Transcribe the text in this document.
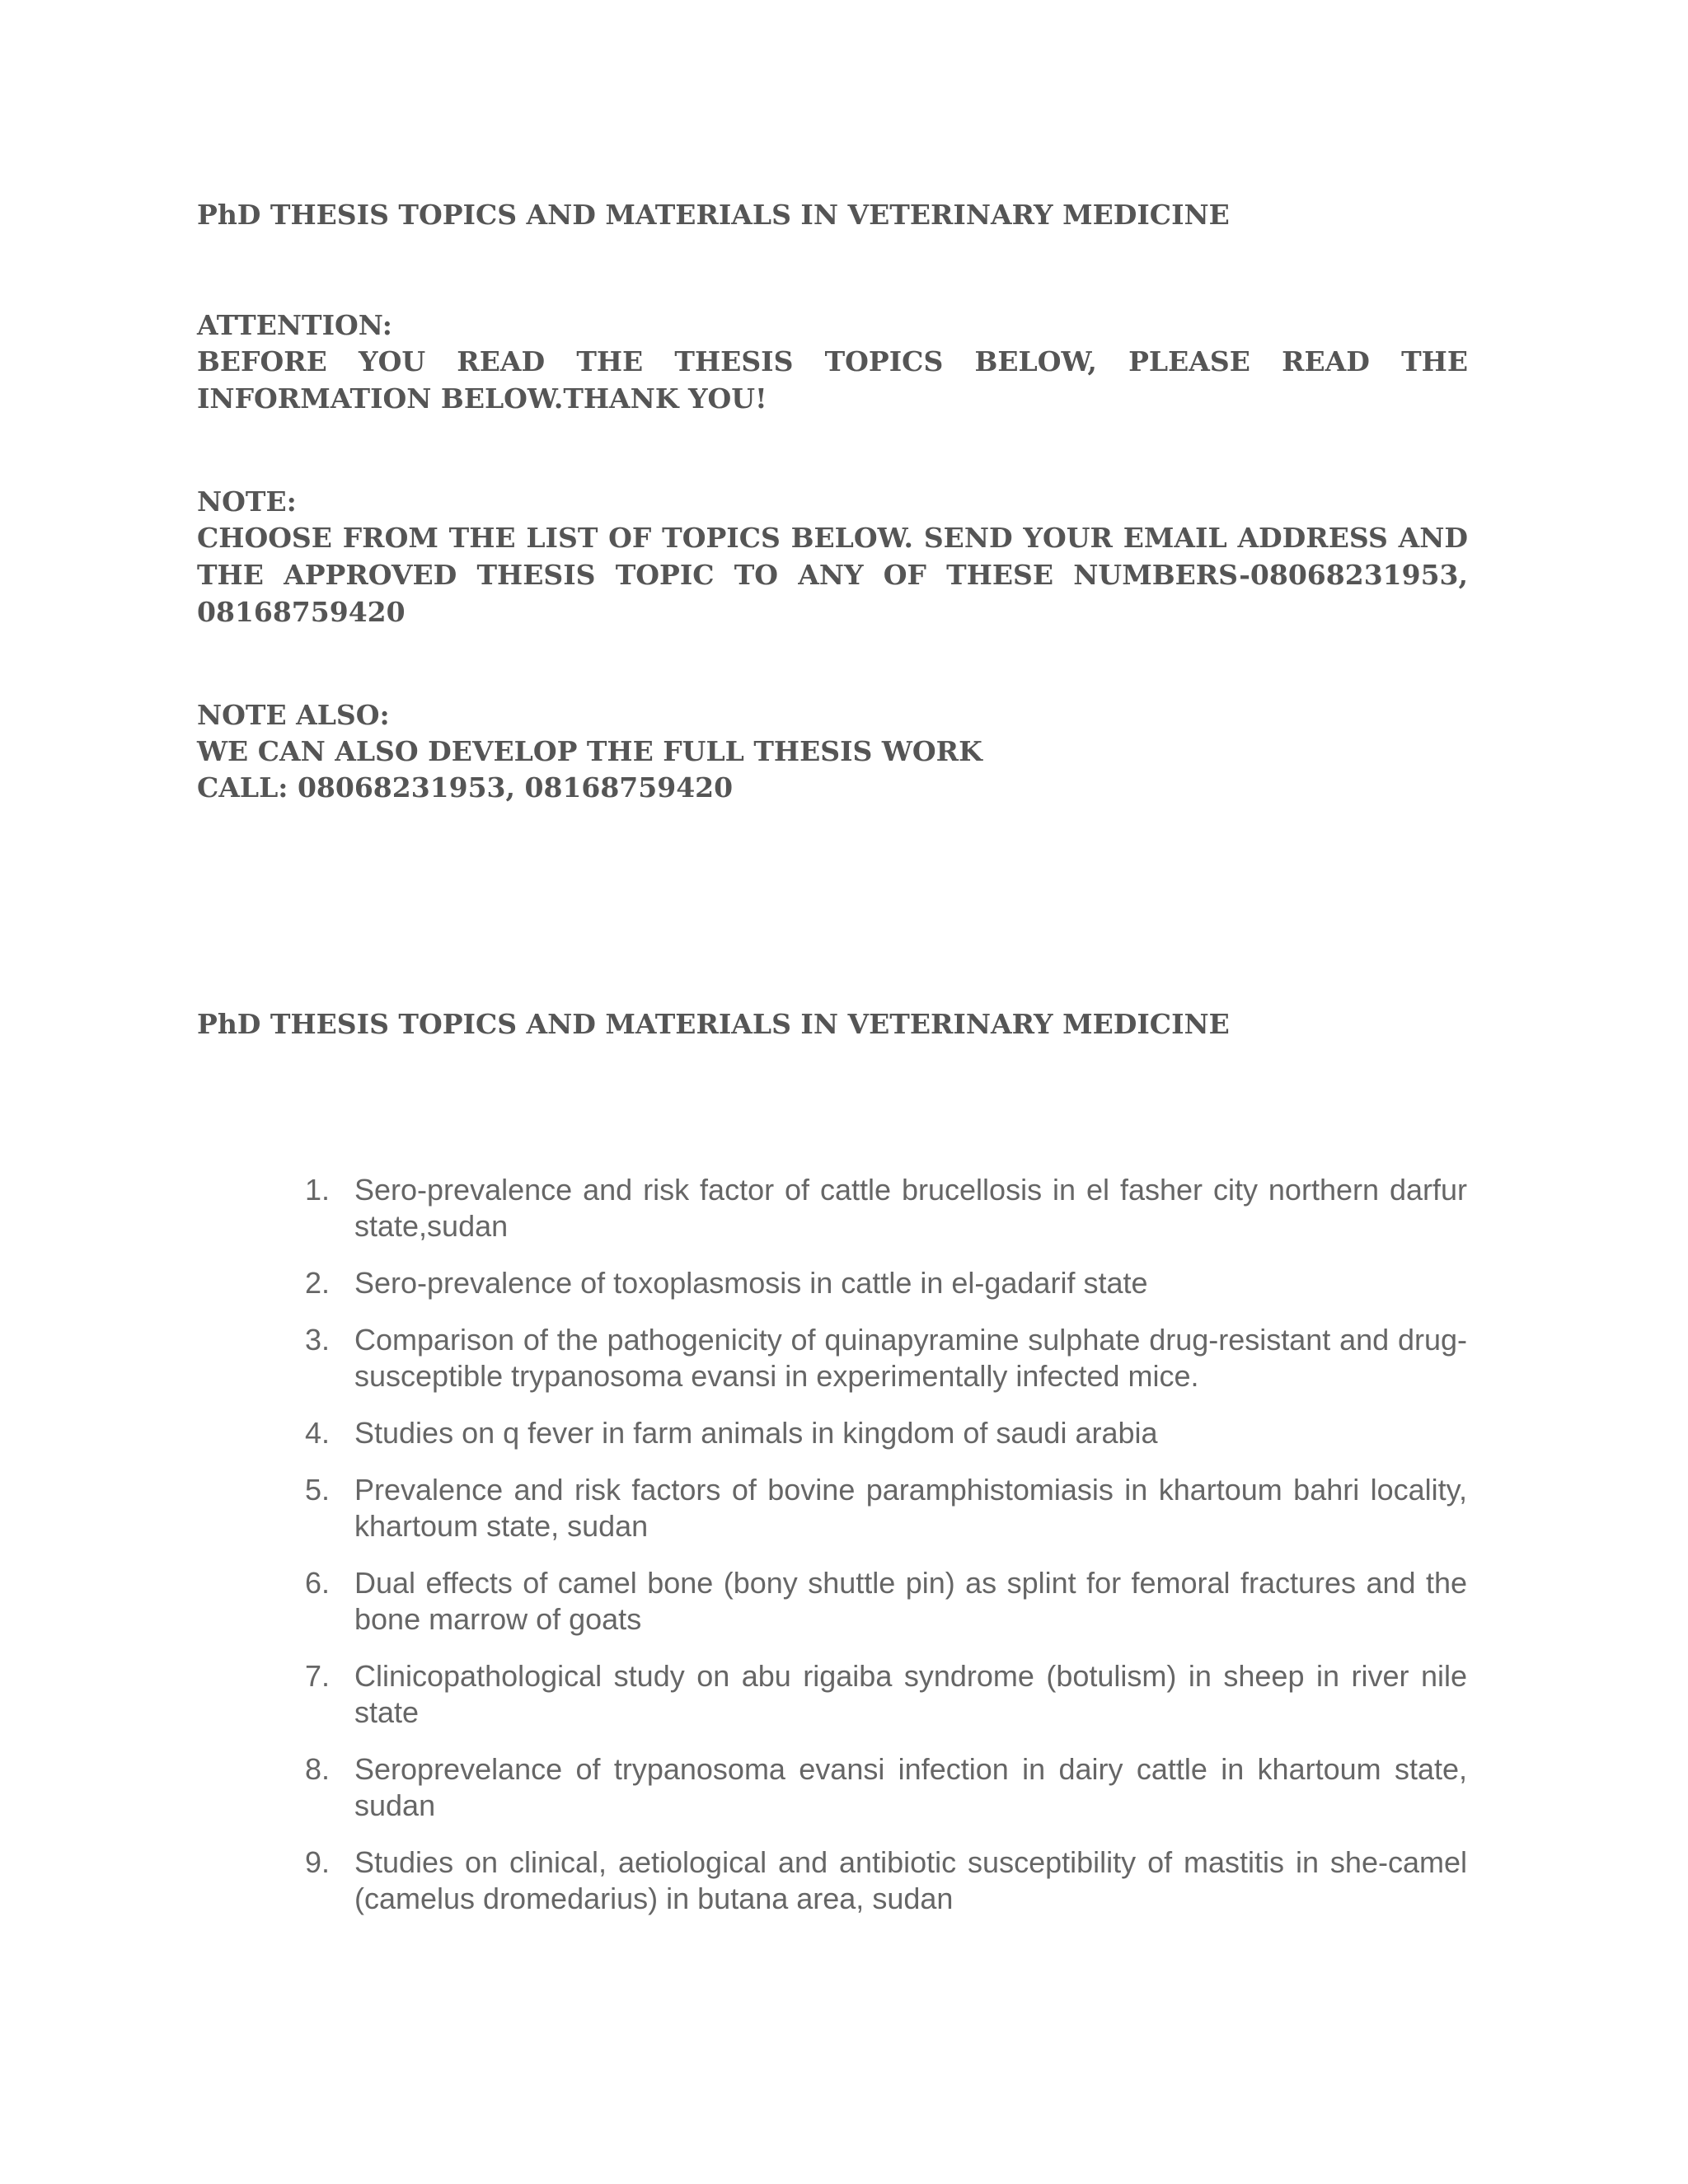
PhD THESIS TOPICS AND MATERIALS IN VETERINARY MEDICINE

ATTENTION:

BEFORE YOU READ THE THESIS TOPICS BELOW, PLEASE READ THE INFORMATION BELOW.THANK YOU!

NOTE:

CHOOSE FROM THE LIST OF TOPICS BELOW. SEND YOUR EMAIL ADDRESS AND THE APPROVED THESIS TOPIC TO ANY OF THESE NUMBERS-08068231953, 08168759420

NOTE ALSO:

WE CAN ALSO DEVELOP THE FULL THESIS WORK

CALL: 08068231953, 08168759420

PhD THESIS TOPICS AND MATERIALS IN VETERINARY MEDICINE

1. Sero-prevalence and risk factor of cattle brucellosis in el fasher city northern darfur state,sudan
2. Sero-prevalence of toxoplasmosis in cattle in el-gadarif state
3. Comparison of the pathogenicity of quinapyramine sulphate drug-resistant and drug-susceptible trypanosoma evansi in experimentally infected mice.
4. Studies on q fever in farm animals in kingdom of saudi arabia
5. Prevalence and risk factors of bovine paramphistomiasis in khartoum bahri locality, khartoum state, sudan
6. Dual effects of camel bone (bony shuttle pin) as splint for femoral fractures and the bone marrow of goats
7. Clinicopathological study on abu rigaiba syndrome (botulism) in sheep in river nile state
8. Seroprevelance of trypanosoma evansi infection in dairy cattle in khartoum state, sudan
9. Studies on clinical, aetiological and antibiotic susceptibility of mastitis in she-camel (camelus dromedarius) in butana area, sudan
